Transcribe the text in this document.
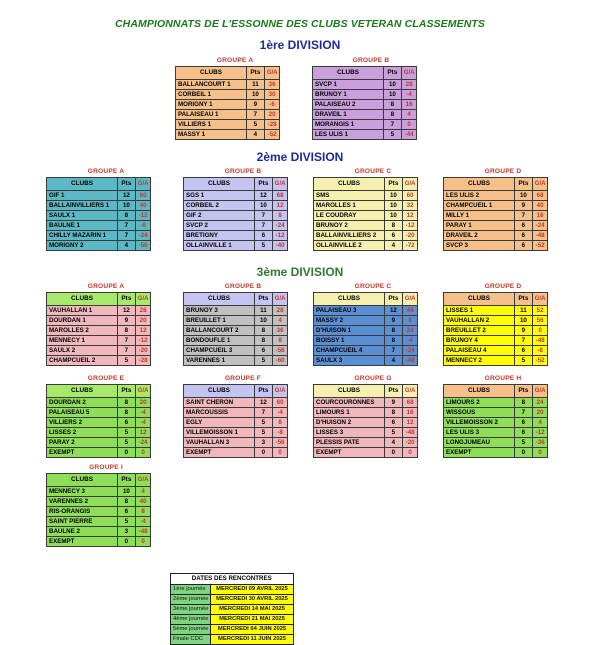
CHAMPIONNATS DE L'ESSONNE DES CLUBS VETERAN CLASSEMENTS
1ère DIVISION
GROUPE A
CLUBS	Pts	G/A
BALLANCOURT 1	11	36
CORBEIL 1	10	30
MORIGNY 1	9	-6
PALAISEAU 1	7	20
VILLIERS 1	5	-28
MASSY 1	4	-52
GROUPE B
CLUBS	Pts	G/A
SVCP 1	10	28
BRUNOY 1	10	-4
PALAISEAU 2	8	16
DRAVEIL 1	8	4
MORANGIS 1	7	0
LES ULIS 1	5	-44
2ème DIVISION
GROUPE A
CLUBS	Pts	G/A
GIF 1	12	60
BALLAINVILLIERS 1	10	40
SAULX 1	8	-12
BAULNE 1	7	-8
CHILLY MAZARIN 1	7	-24
MORIGNY 2	4	-56
GROUPE B
CLUBS	Pts	G/A
SGS 1	12	68
CORBEIL 2	10	12
GIF 2	7	8
SVCP 2	7	-24
BRETIGNY	6	-12
OLLAINVILLE 1	5	-40
GROUPE C
CLUBS	Pts	G/A
SMS	10	60
MAROLLES 1	10	32
LE COUDRAY	10	12
BRUNOY 2	8	-12
BALLAINVILLIERS 2	6	-20
OLLAINVILLE 2	4	-72
GROUPE D
CLUBS	Pts	G/A
LES ULIS 2	10	68
CHAMPCUEIL 1	9	40
MILLY 1	7	16
PARAY 1	6	-24
DRAVEIL 2	6	-48
SVCP 3	6	-52
3ème DIVISION
GROUPE A
CLUBS	Pts	G/A
VAUHALLAN 1	12	28
DOURDAN 1	9	20
MAROLLES 2	8	12
MENNECY 1	7	-12
SAULX 2	7	-20
CHAMPCUEIL 2	5	-28
GROUPE B
CLUBS	Pts	G/A
BRUNOY 3	11	28
BREUILLET 1	10	4
BALLANCOURT 2	8	36
BONDOUFLE 1	8	8
CHAMPCUEIL 3	6	-56
VARENNES 1	5	-60
GROUPE C
CLUBS	Pts	G/A
PALAISEAU 3	12	44
MASSY 2	9	8
D'HUISON 1	8	24
BOISSY 1	8	-4
CHAMPCUEIL 4	7	-24
SAULX 3	4	-48
GROUPE D
CLUBS	Pts	G/A
LISSES 1	11	52
VAUHALLAN 2	10	56
BREUILLET 2	9	0
BRUNOY 4	7	-48
PALAISEAU 4	6	-8
MENNECY 2	5	-52
GROUPE E
CLUBS	Pts	G/A
DOURDAN 2	8	20
PALAISEAU 5	8	-4
VILLIERS 2	6	-4
LISSES 2	5	12
PARAY 2	5	-24
EXEMPT	0	0
GROUPE F
CLUBS	Pts	G/A
SAINT CHERON	12	60
MARCOUSSIS	7	-4
EGLY	5	8
VILLEMOISSON 1	5	-8
VAUHALLAN 3	3	-56
EXEMPT	0	0
GROUPE G
CLUBS	Pts	G/A
COURCOURONNES	9	68
LIMOURS 1	8	16
D'HUISON 2	6	12
LISSES 3	5	-48
PLESSIS PATE	4	-20
EXEMPT	0	0
GROUPE H
CLUBS	Pts	G/A
LIMOURS 2	8	24
WISSOUS	7	20
VILLEMOISSON 2	6	4
LES ULIS 3	6	-12
LONGJUMEAU	5	-36
EXEMPT	0	0
GROUPE I
CLUBS	Pts	G/A
MENNECY 3	10	4
VARENNES 2	8	40
RIS-ORANGIS	6	8
SAINT PIERRE	5	-4
BAULNE 2	3	-48
EXEMPT	0	0
DATES DES RENCONTRES	
1ère journée	MERCREDI 09 AVRIL 2025
2ème journée	MERCREDI 30 AVRIL 2025
3ème journée	MERCREDI 14 MAI 2025
4ème journée	MERCREDI 21 MAI 2025
5ème journée	MERCREDI 04 JUIN 2025
Finale CDC	MERCREDI 11 JUIN 2025
